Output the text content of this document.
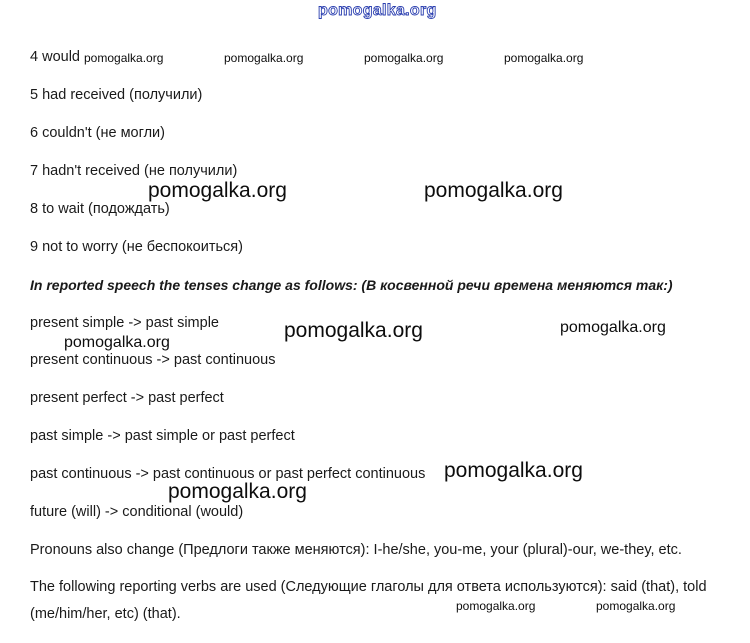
pomogalka.org
4 would
5 had received (получили)
6 couldn't (не могли)
7 hadn't received (не получили)
8 to wait (подождать)
9 not to worry (не беспокоиться)
In reported speech the tenses change as follows: (В косвенной речи времена меняются так:)
present simple -> past simple
present continuous -> past continuous
present perfect -> past perfect
past simple -> past simple or past perfect
past continuous -> past continuous or past perfect continuous
future (will) -> conditional (would)
Pronouns also change (Предлоги также меняются): I-he/she, you-me, your (plural)-our, we-they, etc.
The following reporting verbs are used (Следующие глаголы для ответа используются): said (that), told (me/him/her, etc) (that).
pomogalka.org	pomogalka.org	pomogalka.org	pomogalka.org
pomogalka.org	pomogalka.org
pomogalka.org	pomogalka.org
pomogalka.org
pomogalka.org
pomogalka.org
pomogalka.org	pomogalka.org
